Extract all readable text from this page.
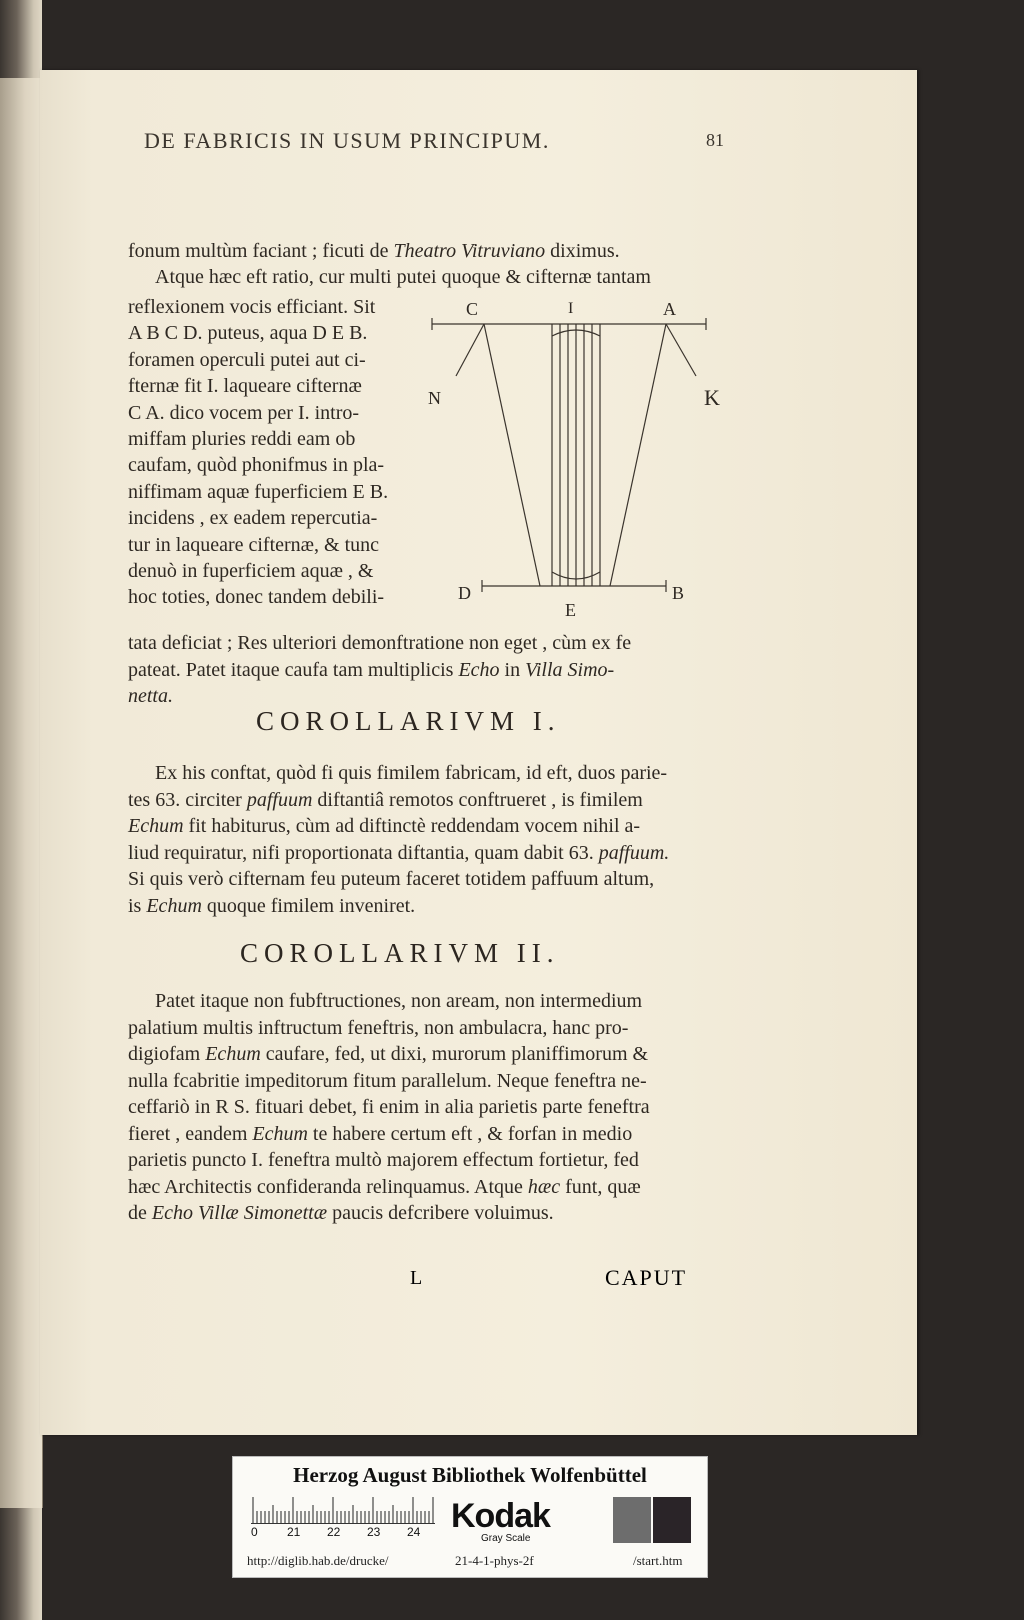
DE FABRICIS IN USUM PRINCIPUM.	81
fonum multùm faciant ; ficuti de Theatro Vitruviano diximus.
Atque hæc eft ratio, cur multi putei quoque & cifternæ tantam
reflexionem vocis efficiant. Sit
A B C D. puteus, aqua D E B.
foramen operculi putei aut ci-
fternæ fit I. laqueare cifternæ
C A. dico vocem per I. intro-
miffam pluries reddi eam ob
caufam, quòd phonifmus in pla-
niffimam aquæ fuperficiem E B.
incidens , ex eadem repercutia-
tur in laqueare cifternæ, & tunc
denuò in fuperficiem aquæ , &
hoc toties, donec tandem debili-
tata deficiat ; Res ulteriori demonftratione non eget , cùm ex fe
pateat. Patet itaque caufa tam multiplicis Echo in Villa Simo-
netta.
C	I	A
N	K
D
E
B
COROLLARIVM I.
Ex his conftat, quòd fi quis fimilem fabricam, id eft, duos parie-
tes 63. circiter paffuum diftantiâ remotos conftrueret , is fimilem
Echum fit habiturus, cùm ad diftinctè reddendam vocem nihil a-
liud requiratur, nifi proportionata diftantia, quam dabit 63. paffuum.
Si quis verò cifternam feu puteum faceret totidem paffuum altum,
is Echum quoque fimilem inveniret.
COROLLARIVM II.
Patet itaque non fubftructiones, non aream, non intermedium
palatium multis inftructum feneftris, non ambulacra, hanc pro-
digiofam Echum caufare, fed, ut dixi, murorum planiffimorum &
nulla fcabritie impeditorum fitum parallelum. Neque feneftra ne-
ceffariò in R S. fituari debet, fi enim in alia parietis parte feneftra
fieret , eandem Echum te habere certum eft , & forfan in medio
parietis puncto I. feneftra multò majorem effectum fortietur, fed
hæc Architectis confideranda relinquamus. Atque hæc funt, quæ
de Echo Villæ Simonettæ paucis defcribere voluimus.
L	CAPUT
Herzog August Bibliothek Wolfenbüttel
0 21 22 23 24 Kodak
Gray Scale
http://diglib.hab.de/drucke/	21-4-1-phys-2f	/start.htm
